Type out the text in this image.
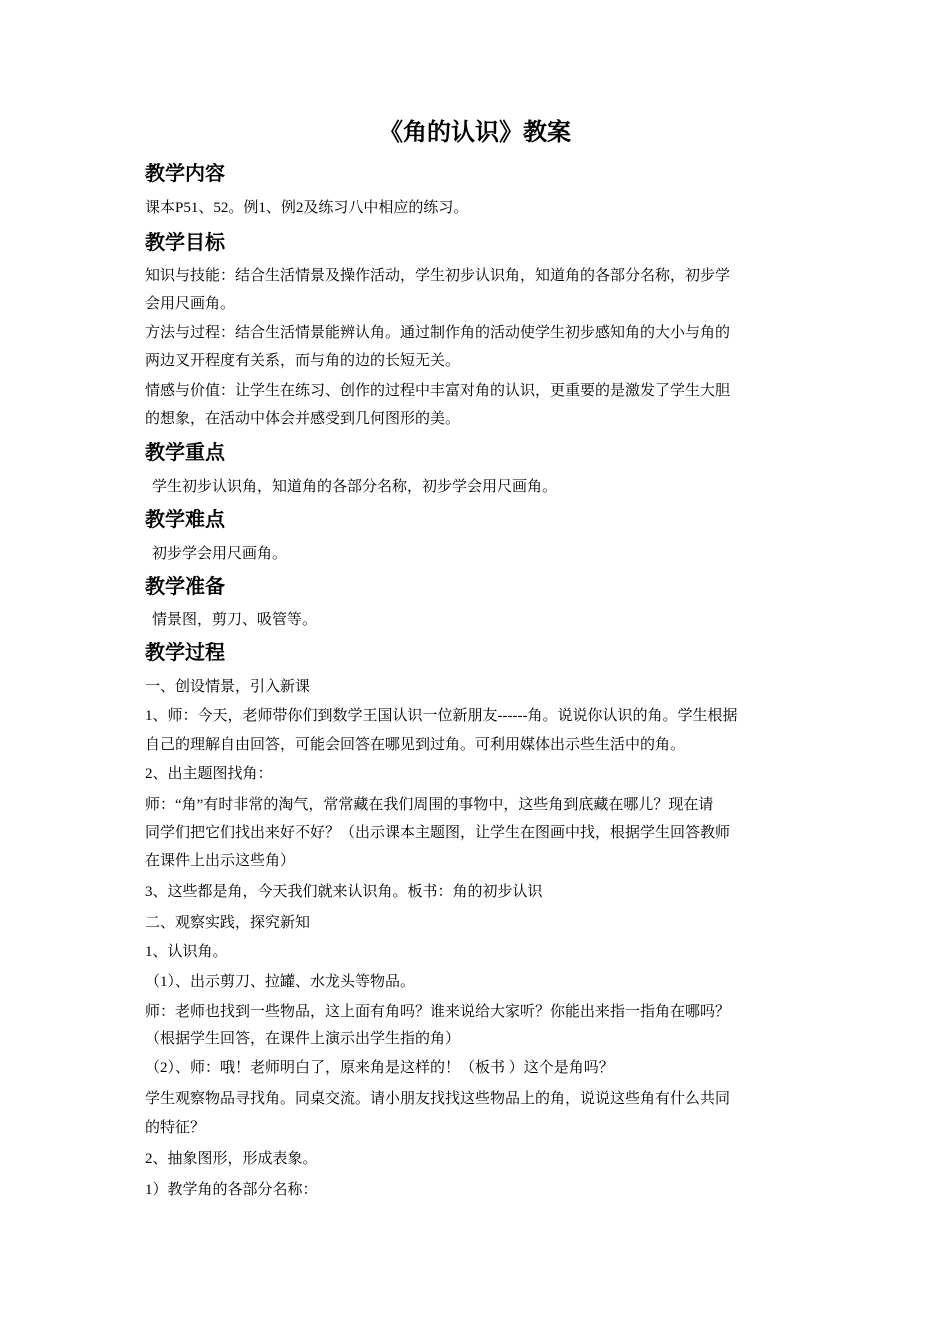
《角的认识》教案
教学内容
课本P51、52。例1、例2及练习八中相应的练习。
教学目标
知识与技能：结合生活情景及操作活动，学生初步认识角，知道角的各部分名称，初步学
会用尺画角。
方法与过程：结合生活情景能辨认角。通过制作角的活动使学生初步感知角的大小与角的
两边叉开程度有关系，而与角的边的长短无关。
情感与价值：让学生在练习、创作的过程中丰富对角的认识，更重要的是激发了学生大胆
的想象，在活动中体会并感受到几何图形的美。
教学重点
学生初步认识角，知道角的各部分名称，初步学会用尺画角。
教学难点
初步学会用尺画角。
教学准备
情景图，剪刀、吸管等。
教学过程
一、创设情景，引入新课
1、师：今天，老师带你们到数学王国认识一位新朋友------角。说说你认识的角。学生根据
自己的理解自由回答，可能会回答在哪见到过角。可利用媒体出示些生活中的角。
2、出主题图找角：
师：“角”有时非常的淘气，常常藏在我们周围的事物中，这些角到底藏在哪儿？现在请
同学们把它们找出来好不好？（出示课本主题图，让学生在图画中找，根据学生回答教师
在课件上出示这些角）
3、这些都是角，今天我们就来认识角。板书：角的初步认识
二、观察实践，探究新知
1、认识角。
（1）、出示剪刀、拉罐、水龙头等物品。
师：老师也找到一些物品，这上面有角吗？谁来说给大家听？你能出来指一指角在哪吗？
（根据学生回答，在课件上演示出学生指的角）
（2）、师：哦！老师明白了，原来角是这样的！（板书 ）这个是角吗？
学生观察物品寻找角。同桌交流。请小朋友找找这些物品上的角，说说这些角有什么共同
的特征？
2、抽象图形，形成表象。
1）教学角的各部分名称：
